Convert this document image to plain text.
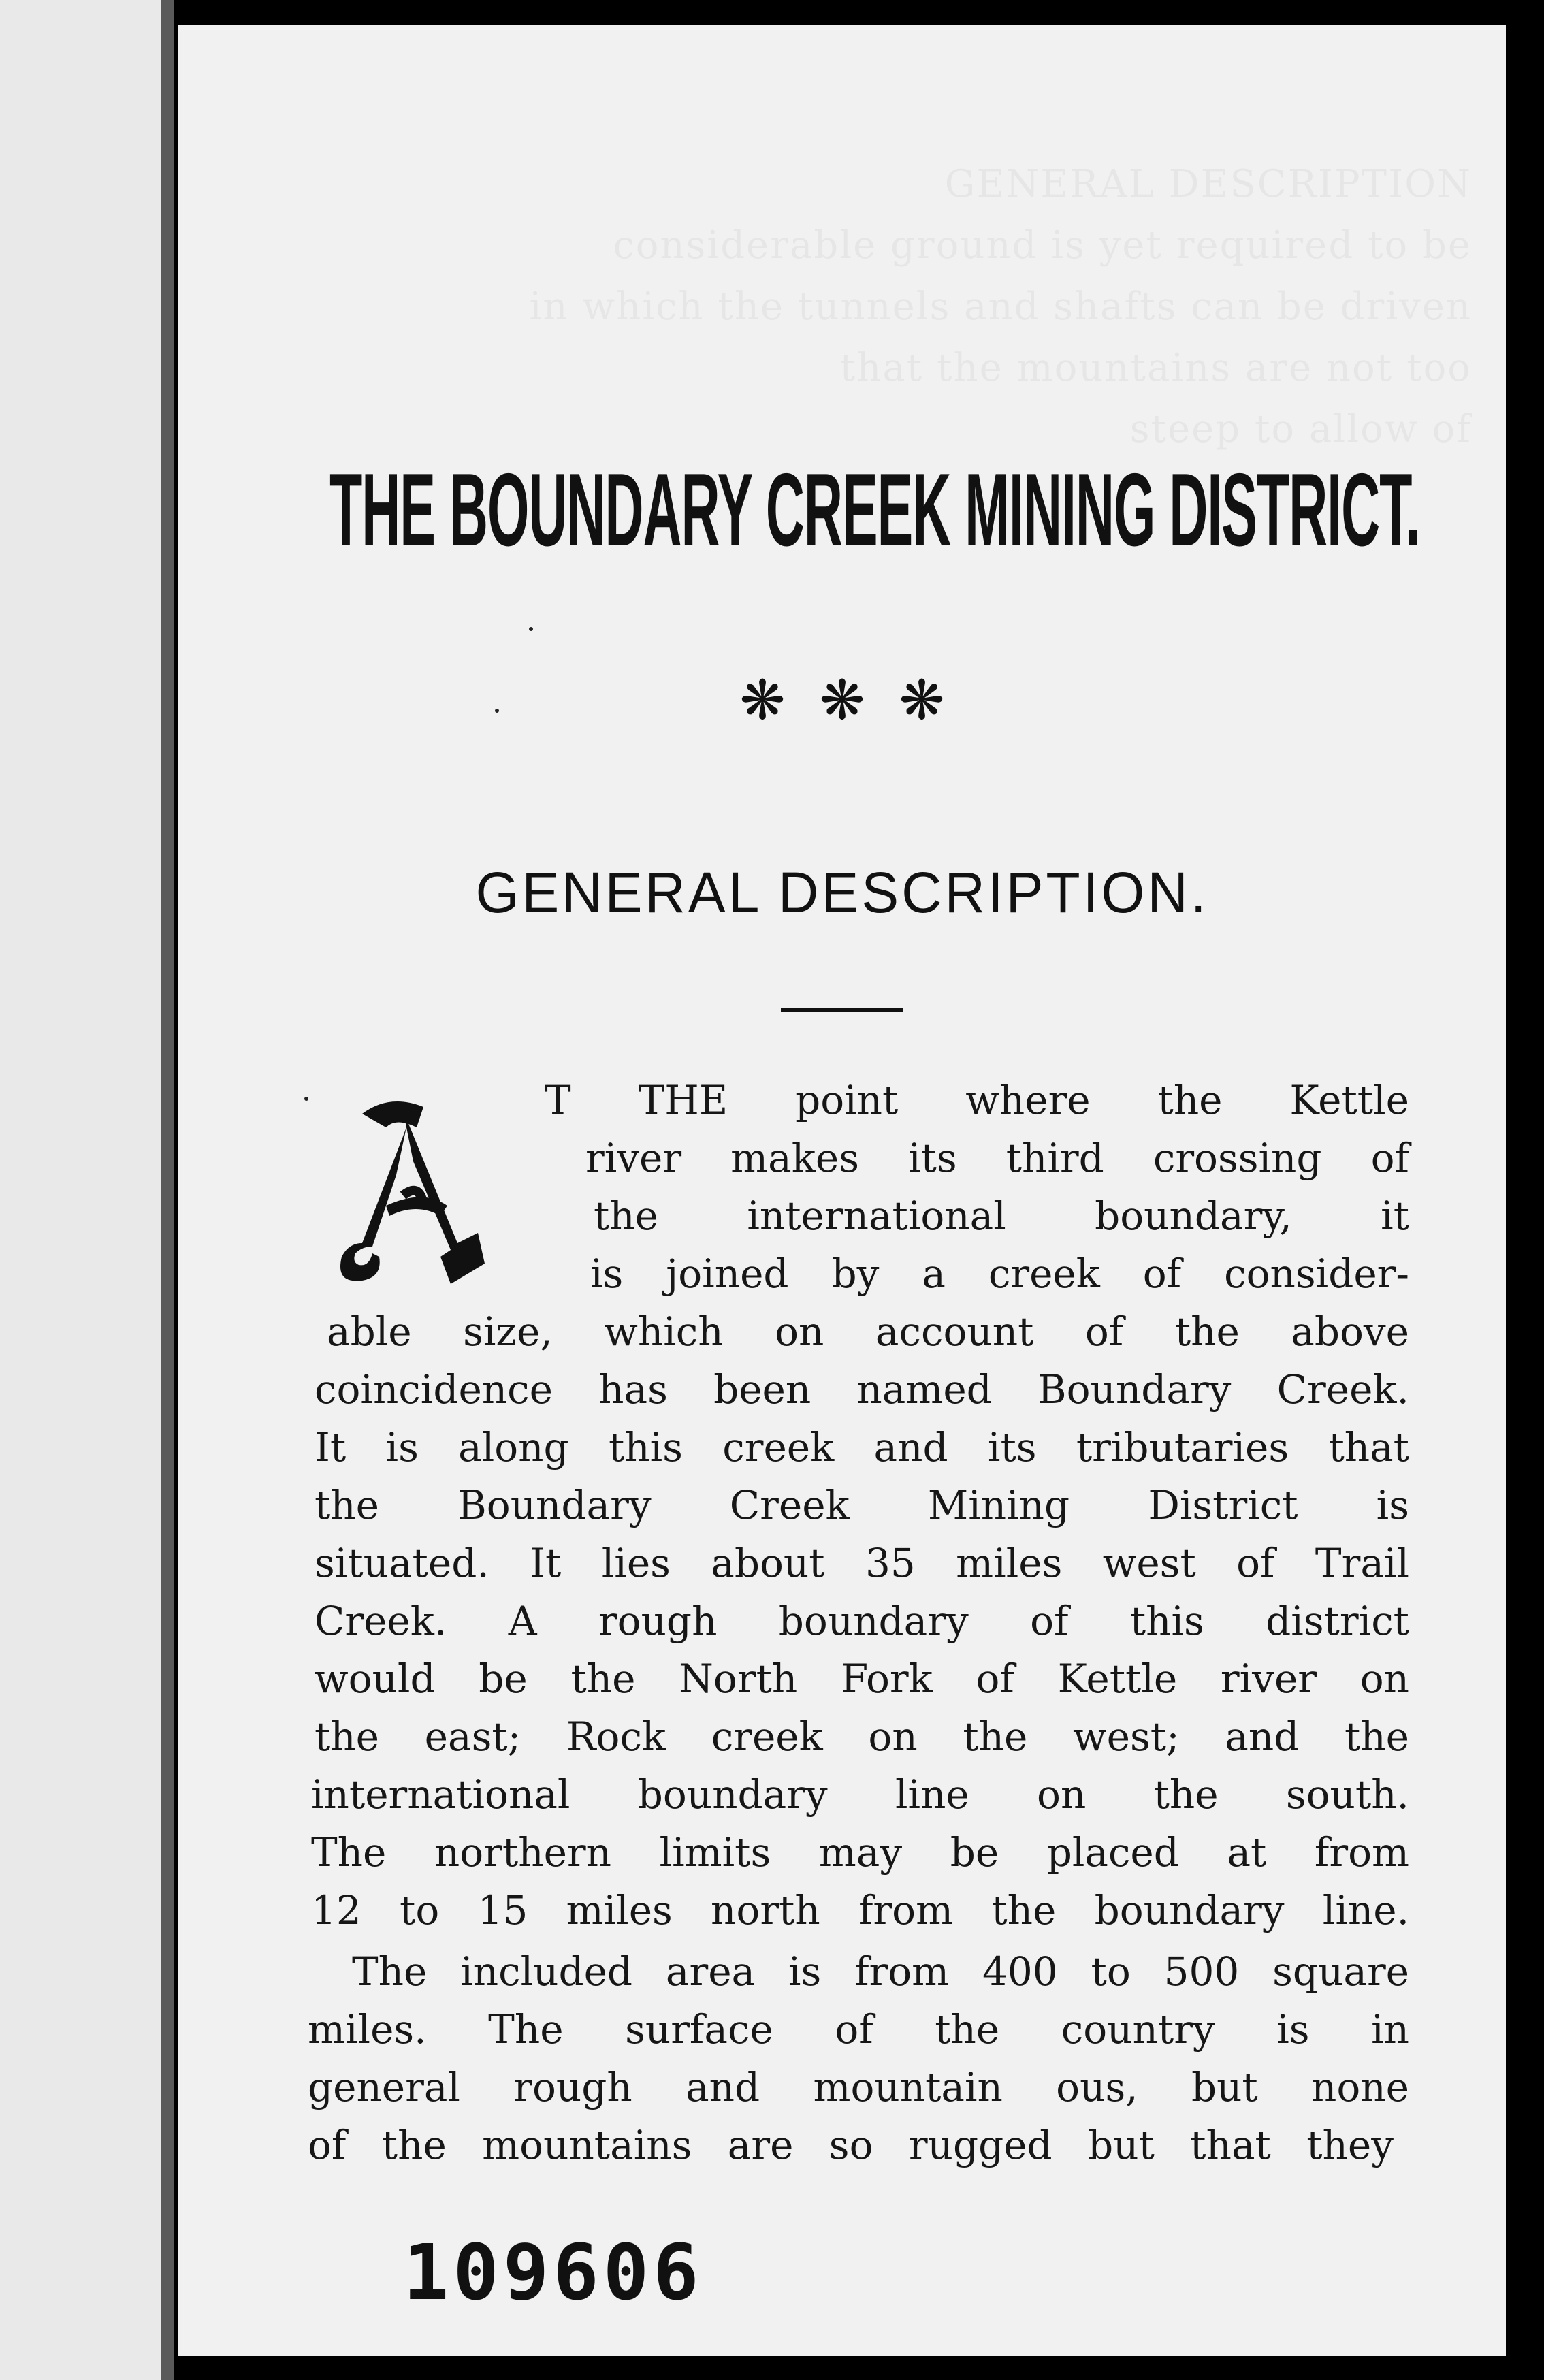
THE BOUNDARY CREEK MINING DISTRICT.
❋❋❋
GENERAL DESCRIPTION.
T THE point where the Kettle
river makes its third crossing of
the international boundary, it
is joined by a creek of consider-
able size, which on account of the above
coincidence has been named Boundary Creek.
It is along this creek and its tributaries that
the Boundary Creek Mining District is
situated. It lies about 35 miles west of Trail
Creek. A rough boundary of this district
would be the North Fork of Kettle river on
the east; Rock creek on the west; and the
international boundary line on the south.
The northern limits may be placed at from
12 to 15 miles north from the boundary line.
The included area is from 400 to 500 square
miles. The surface of the country is in
general rough and mountain ous, but none
of the mountains are so rugged but that they
109606
